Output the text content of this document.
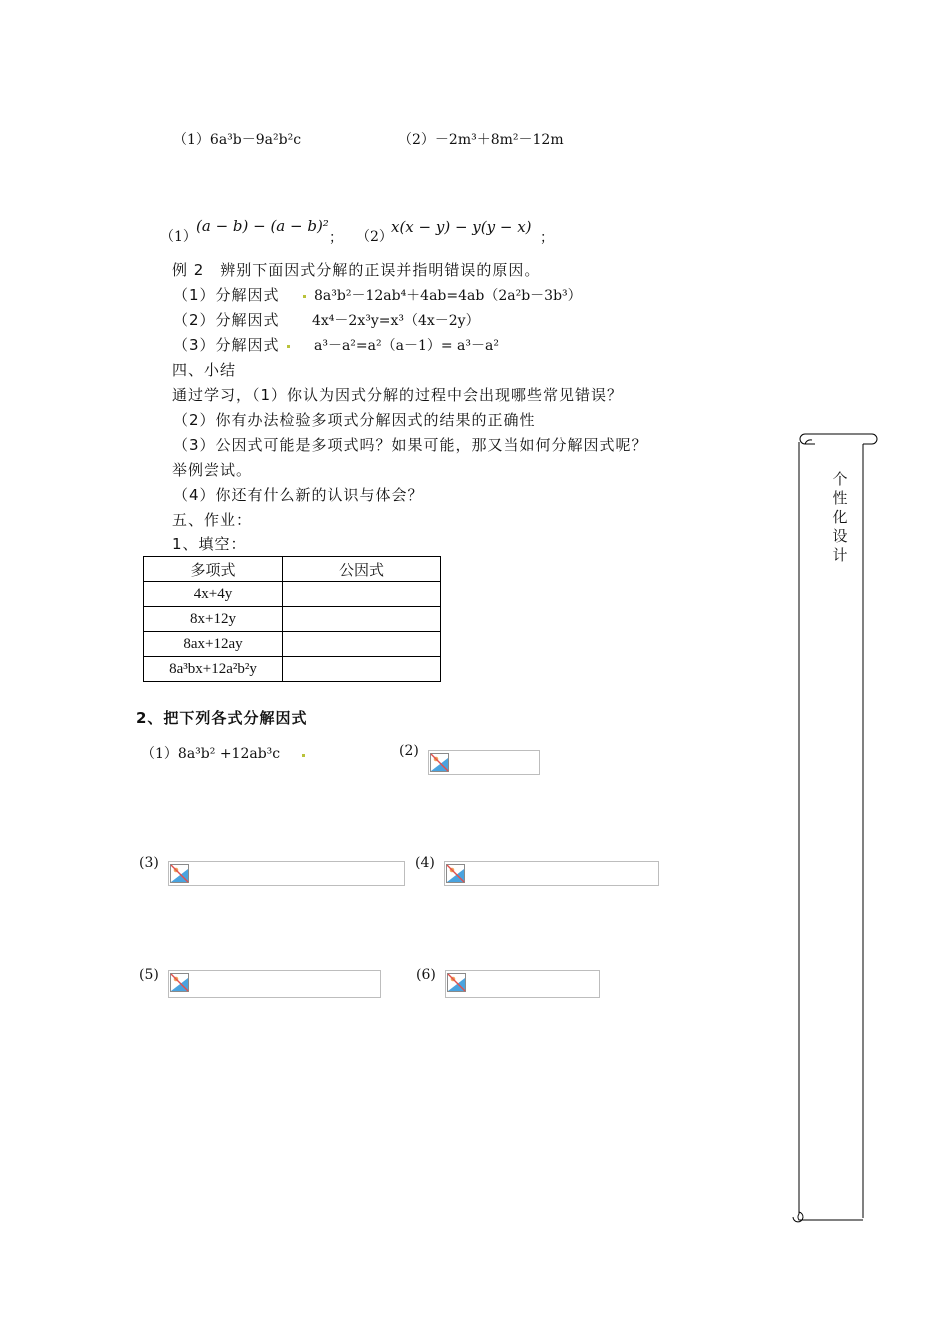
（1）6a³b－9a²b²c	（2）－2m³＋8m²－12m
（1）
(a − b) − (a − b)²
； （2）
x(x − y) − y(y − x)
；
例 2　辨别下面因式分解的正误并指明错误的原因。
（1）分解因式 8a³b²－12ab⁴＋4ab=4ab（2a²b－3b³）
（2）分解因式 4x⁴－2x³y=x³（4x－2y）
（3）分解因式 a³－a²=a²（a－1）= a³－a²
四、小结
通过学习，（1）你认为因式分解的过程中会出现哪些常见错误？
（2）你有办法检验多项式分解因式的结果的正确性
（3）公因式可能是多项式吗？如果可能，那又当如何分解因式呢？
举例尝试。
（4）你还有什么新的认识与体会？
五、作业：
1、填空：
多项式	公因式
4x+4y	
8x+12y	
8ax+12ay	
8a³bx+12a²b²y	
2、把下列各式分解因式
（1）8a³b² +12ab³c	(2)
(3)	(4)
(5)	(6)
个性化设计
